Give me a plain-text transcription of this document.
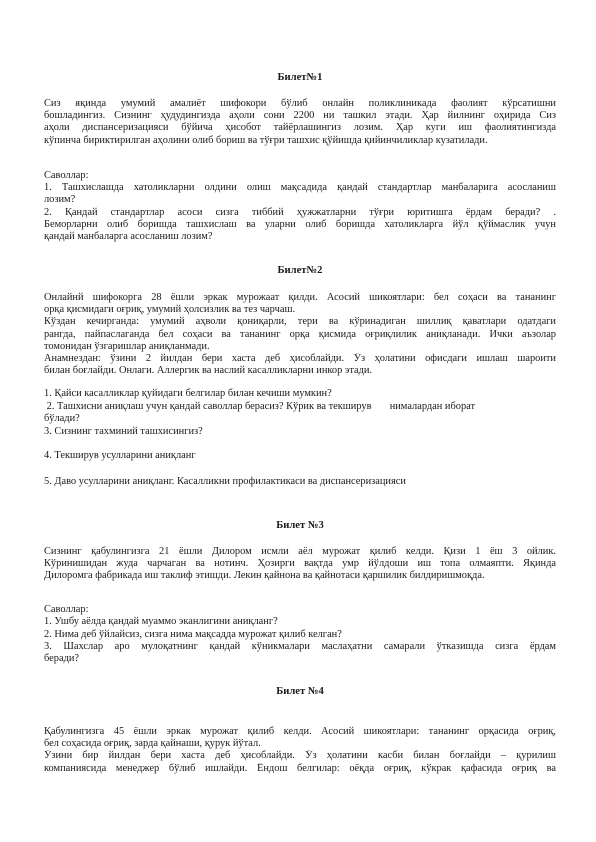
Билет№1
Сиз яқинда умумий амалиёт шифокори бўлиб онлайн поликлиникада фаолият кўрсатишни
бошладингиз. Сизнинг ҳудудингизда аҳоли сони 2200 ни ташкил этади. Ҳар йилнинг оҳирида Сиз
аҳоли диспансеризацияси бўйича ҳисобот тайёрлашингиз лозим. Ҳар куги иш фаолиятингизда
кўпинча бириктирилган аҳолини олиб бориш ва тўғри ташхис қўйишда қийинчиликлар кузатилади.
Саволлар:
1. Ташхислашда хатоликларни олдини олиш мақсадида қандай стандартлар манбаларига асосланиш
лозим?
2. Қандай стандартлар асоси сизга тиббий ҳужжатларни тўғри юритишга ёрдам беради? .
Беморларни олиб боришда ташхислаш ва уларни олиб боришда хатоликларга йўл қўймаслик учун
қандай манбаларга асосланиш лозим?
Билет№2
Онлайнй шифокорга 28 ёшли эркак мурожаат қилди. Асосий шикоятлари: бел соҳаси ва тананинг
орқа қисмидаги оғриқ, умумий ҳолсизлик ва тез чарчаш.
Кўздан кечирганда: умумий аҳволи қониқарли, тери ва кўринадиган шиллиқ қаватлари одатдаги
рангда, пайпаслаганда бел соҳаси ва тананинг орқа қисмида оғриқлилик аниқланади. Ички аъзолар
томонидан ўзгаришлар аниқланмади.
Анамнездан: ўзини 2 йилдан бери хаста деб ҳисоблайди. Ўз ҳолатини офисдаги ишлаш шароити
билан боғлайди. Онлаги. Аллергик ва наслий касалликларни инкор этади.
1. Қайси касалликлар қуйидаги белгилар билан кечиши мумкин?
2. Ташхисни аниқлаш учун қандай саволлар берасиз? Кўрик ва текширув       нималардан иборат
бўлади?
3. Сизнинг тахминий ташхисингиз?
4. Текширув усулларини аниқланг
5. Даво усулларини аниқланг. Касалликни профилактикаси ва диспансеризацияси
Билет №3
Сизнинг қабулингизга 21 ёшли Дилором исмли аёл мурожат қилиб келди. Қизи 1 ёш 3 ойлик.
Кўринишидан жуда чарчаган ва нотинч. Ҳозирги вақтда умр йўлдоши иш топа олмаяпти. Яқинда
Дилоромга фабрикада иш таклиф этишди. Лекин қайнона ва қайнотаси қаршилик билдиришмоқда.
Саволлар:
1. Ушбу аёлда қандай муаммо эканлигини аниқланг?
2. Нима деб ўйлайсиз, сизга нима мақсадда мурожат қилиб келган?
3. Шахслар аро мулоқатнинг қандай кўникмалари маслаҳатни самарали ўтказишда сизга ёрдам
беради?
Билет №4
Қабулингизга 45 ёшли эркак мурожат қилиб келди. Асосий шикоятлари: тананинг орқасида оғриқ,
бел соҳасида оғриқ, зарда қайнаши, қурук йўтал.
Ўзини бир йилдан бери хаста деб ҳисоблайди. Ўз ҳолатини касби билан боғлайди – қурилиш
компаниясида менеджер бўлиб ишлайди. Ёндош белгилар: оёқда оғриқ, кўкрак қафасида оғриқ ва
